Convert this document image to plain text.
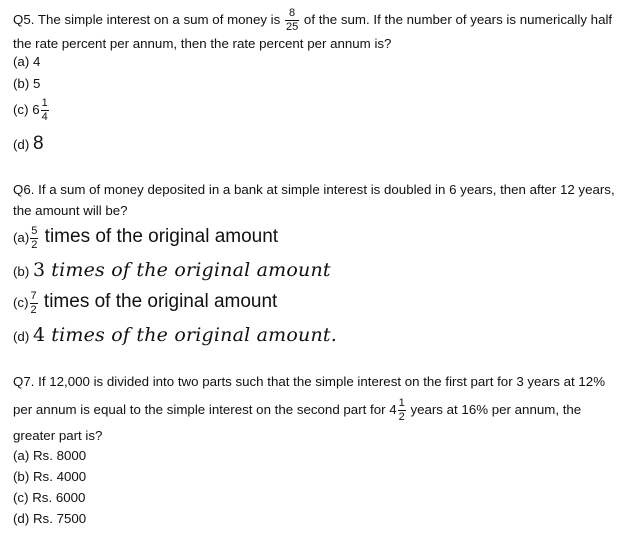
Q5. The simple interest on a sum of money is $\frac{8}{25}$ of the sum. If the number of years is numerically half
the rate percent per annum, then the rate percent per annum is?
(a) 4
(b) 5
(c) $6 \frac{1}{4}$
(d) 8
Q6. If a sum of money deposited in a bank at simple interest is doubled in 6 years, then after 12 years,
the amount will be?
$(a) \frac{5}{2}$ times of the original amount
(b) 3 times of the original amount
$(c) \frac{7}{2}$ times of the original amount
(d) 4 times of the original amount.
Q7. If 12,000 is divided into two parts such that the simple interest on the first part for 3 years at 12%
per annum is equal to the simple interest on the second part for $4 \frac{1}{2}$ years at 16% per annum, the
greater part is?
(a) Rs. 8000
(b) Rs. 4000
(c) Rs. 6000
(d) Rs. 7500
